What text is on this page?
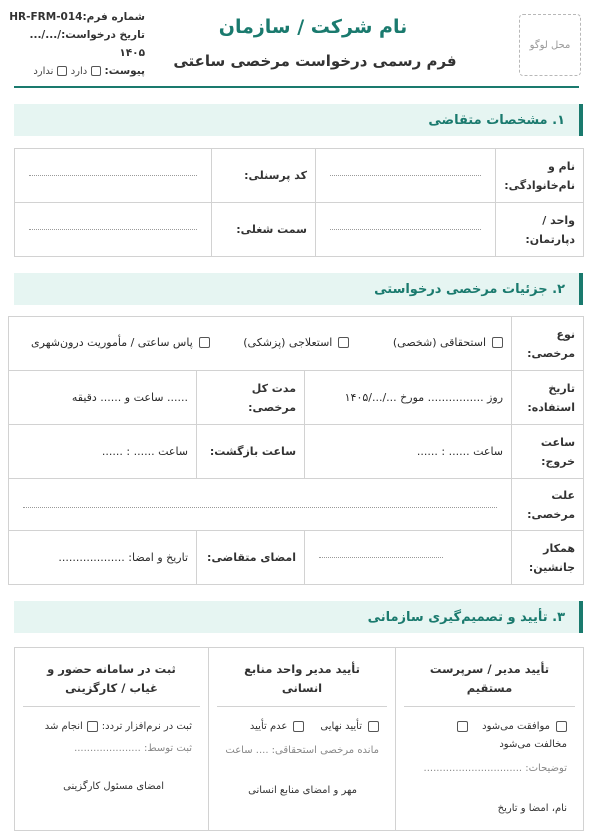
شماره فرم:HR-FRM-014
تاریخ درخواست:/.../...
۱۴۰۵
پیوست:  دارد  ندارد
نام شرکت / سازمان
فرم رسمی درخواست مرخصی ساعتی
محل لوگو
۱. مشخصات متقاضی
نام و نام‌خانوادگی:		کد پرسنلی:	

واحد / دپارتمان:		سمت شغلی:	
۲. جزئیات مرخصی درخواستی
نوع مرخصی:	استحقاقی (شخصی)

استعلاجی (پزشکی)

پاس ساعتی / مأموریت درون‌شهری		

تاریخ استفاده:	روز ................ مورخ .../.../۱۴۰۵	مدت کل مرخصی:	...... ساعت و ...... دقیقه
ساعت خروج:	ساعت ...... : ......	ساعت بازگشت:	ساعت ...... : ......
علت مرخصی:			

همکار جانشین:		امضای متقاضی:	تاریخ و امضا: ...................
۳. تأیید و تصمیم‌گیری سازمانی
تأیید مدیر / سرپرست مستقیم
موافقت می‌شود
مخالفت می‌شود
توضیحات: ...............................
نام، امضا و تاریخ

تأیید مدیر واحد منابع انسانی
تأیید نهایی
عدم تأیید
مانده مرخصی استحقاقی: .... ساعت
مهر و امضای منابع انسانی

ثبت در سامانه حضور و غیاب / کارگزینی
ثبت در نرم‌افزار تردد:
انجام شد
ثبت توسط: .....................
امضای مسئول کارگزینی
